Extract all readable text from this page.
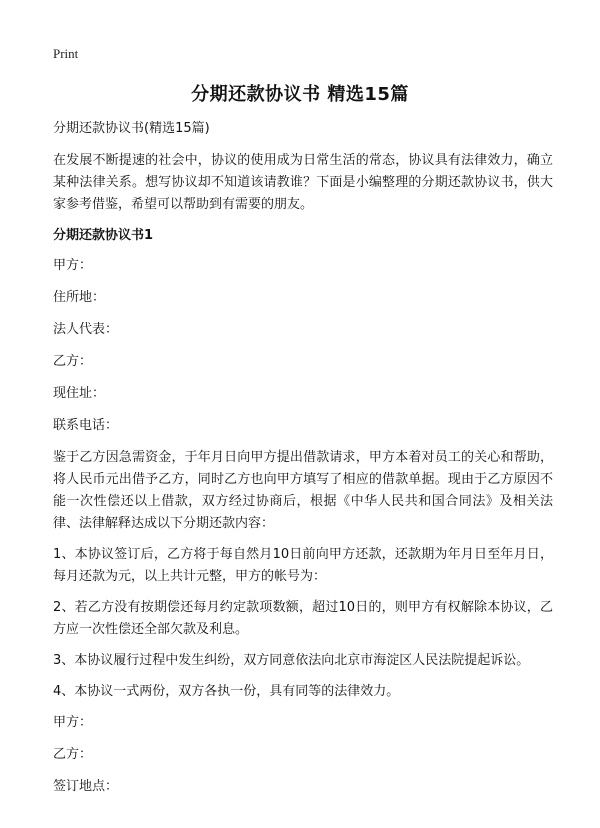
Print
分期还款协议书 精选15篇

分期还款协议书(精选15篇)

在发展不断提速的社会中，协议的使用成为日常生活的常态，协议具有法律效力，确立某种法律关系。想写协议却不知道该请教谁？下面是小编整理的分期还款协议书，供大家参考借鉴，希望可以帮助到有需要的朋友。

分期还款协议书1

甲方：

住所地：

法人代表：

乙方：

现住址：

联系电话：

鉴于乙方因急需资金，于年月日向甲方提出借款请求，甲方本着对员工的关心和帮助，将人民币元出借予乙方，同时乙方也向甲方填写了相应的借款单据。现由于乙方原因不能一次性偿还以上借款，双方经过协商后，根据《中华人民共和国合同法》及相关法律、法律解释达成以下分期还款内容：

1、本协议签订后，乙方将于每自然月10日前向甲方还款，还款期为年月日至年月日，每月还款为元，以上共计元整，甲方的帐号为：

2、若乙方没有按期偿还每月约定款项数额，超过10日的，则甲方有权解除本协议，乙方应一次性偿还全部欠款及利息。

3、本协议履行过程中发生纠纷，双方同意依法向北京市海淀区人民法院提起诉讼。

4、本协议一式两份，双方各执一份，具有同等的法律效力。

甲方：

乙方：

签订地点：
